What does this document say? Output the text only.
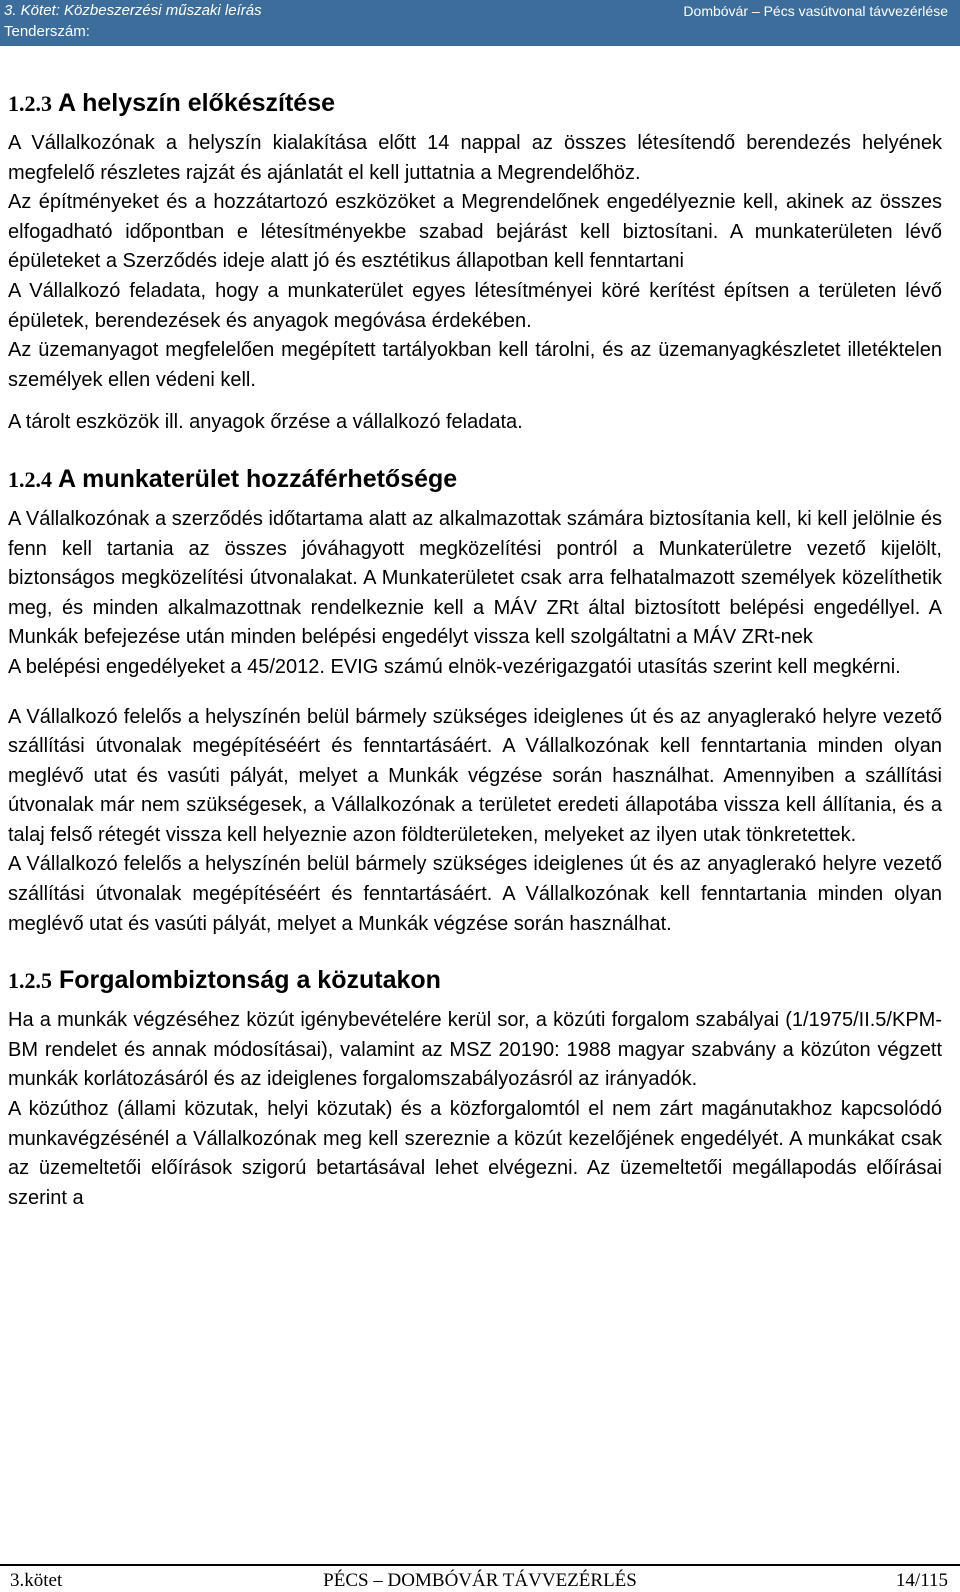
3. Kötet: Közbeszerzési műszaki leírás
Tenderszám:
Dombóvár – Pécs vasútvonal távvezérlése
1.2.3 A helyszín előkészítése

A Vállalkozónak a helyszín kialakítása előtt 14 nappal az összes létesítendő berendezés helyének megfelelő részletes rajzát és ajánlatát el kell juttatnia a Megrendelőhöz.

Az építményeket és a hozzátartozó eszközöket a Megrendelőnek engedélyeznie kell, akinek az összes elfogadható időpontban e létesítményekbe szabad bejárást kell biztosítani. A munkaterületen lévő épületeket a Szerződés ideje alatt jó és esztétikus állapotban kell fenntartani

A Vállalkozó feladata, hogy a munkaterület egyes létesítményei köré kerítést építsen a területen lévő épületek, berendezések és anyagok megóvása érdekében.

Az üzemanyagot megfelelően megépített tartályokban kell tárolni, és az üzemanyagkészletet illetéktelen személyek ellen védeni kell.

A tárolt eszközök ill. anyagok őrzése a vállalkozó feladata.

1.2.4 A munkaterület hozzáférhetősége

A Vállalkozónak a szerződés időtartama alatt az alkalmazottak számára biztosítania kell, ki kell jelölnie és fenn kell tartania az összes jóváhagyott megközelítési pontról a Munkaterületre vezető kijelölt, biztonságos megközelítési útvonalakat. A Munkaterületet csak arra felhatalmazott személyek közelíthetik meg, és minden alkalmazottnak rendelkeznie kell a MÁV ZRt által biztosított belépési engedéllyel. A Munkák befejezése után minden belépési engedélyt vissza kell szolgáltatni a MÁV ZRt-nek

A belépési engedélyeket a 45/2012. EVIG számú elnök-vezérigazgatói utasítás szerint kell megkérni.

A Vállalkozó felelős a helyszínén belül bármely szükséges ideiglenes út és az anyaglerakó helyre vezető szállítási útvonalak megépítéséért és fenntartásáért. A Vállalkozónak kell fenntartania minden olyan meglévő utat és vasúti pályát, melyet a Munkák végzése során használhat. Amennyiben a szállítási útvonalak már nem szükségesek, a Vállalkozónak a területet eredeti állapotába vissza kell állítania, és a talaj felső rétegét vissza kell helyeznie azon földterületeken, melyeket az ilyen utak tönkretettek.

A Vállalkozó felelős a helyszínén belül bármely szükséges ideiglenes út és az anyaglerakó helyre vezető szállítási útvonalak megépítéséért és fenntartásáért. A Vállalkozónak kell fenntartania minden olyan meglévő utat és vasúti pályát, melyet a Munkák végzése során használhat.

1.2.5 Forgalombiztonság a közutakon

Ha a munkák végzéséhez közút igénybevételére kerül sor, a közúti forgalom szabályai (1/1975/II.5/KPM-BM rendelet és annak módosításai), valamint az MSZ 20190: 1988 magyar szabvány a közúton végzett munkák korlátozásáról és az ideiglenes forgalomszabályozásról az irányadók.

A közúthoz (állami közutak, helyi közutak) és a közforgalomtól el nem zárt magánutakhoz kapcsolódó munkavégzésénél a Vállalkozónak meg kell szereznie a közút kezelőjének engedélyét. A munkákat csak az üzemeltetői előírások szigorú betartásával lehet elvégezni. Az üzemeltetői megállapodás előírásai szerint a

3.kötet	PÉCS – DOMBÓVÁR TÁVVEZÉRLÉS	14/115
